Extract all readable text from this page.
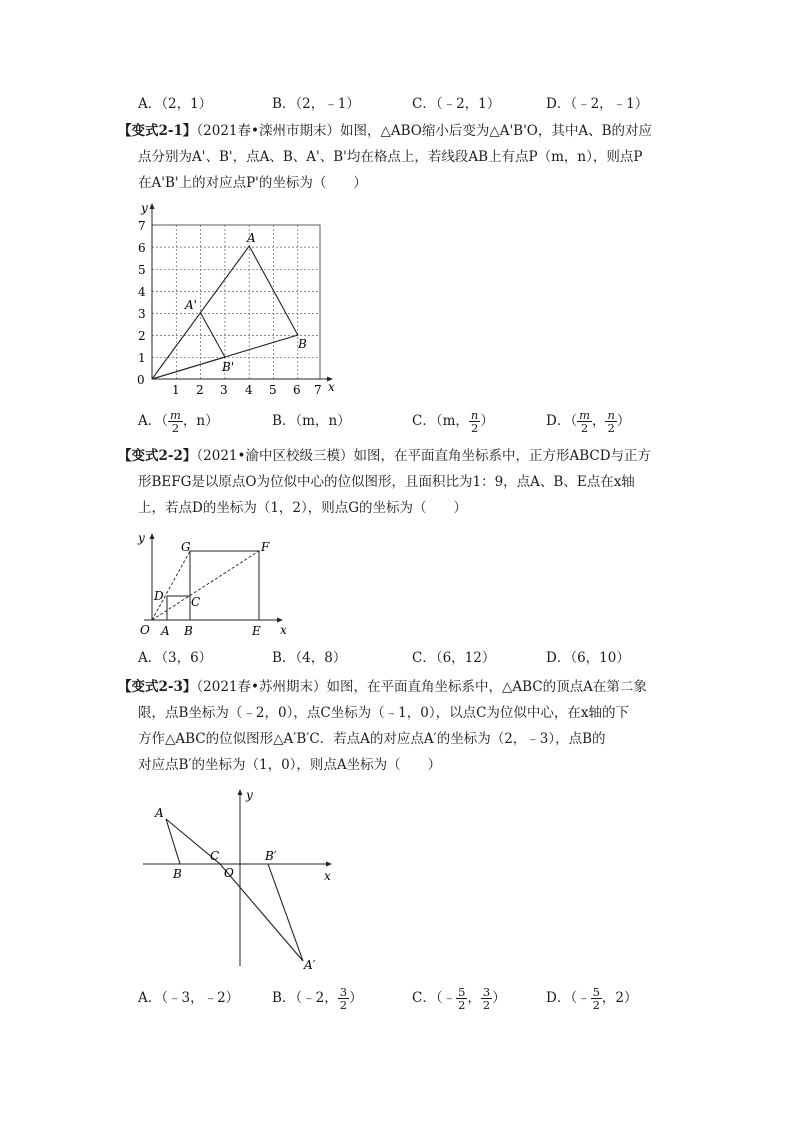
A．（2，1）	B．（2，﹣1）	C．（﹣2，1）	D．（﹣2，﹣1）
【变式2-1】（2021春•滦州市期末）如图，△ABO缩小后变为△A'B'O，其中A、B的对应
点分别为A'、B'，点A、B、A'、B'均在格点上，若线段AB上有点P（m，n），则点P
在A'B'上的对应点P'的坐标为（　　）
y
x
0
1 2 3 4 5 6 7
1
2
3
4
5
6
7
A
B
A'
B'
A．（ $\frac{m}{2}$ ，n）	B．（m，n）	C．（m， $\frac{n}{2}$ ）	D．（ $\frac{m}{2}$ ， $\frac{n}{2}$ ）
【变式2-2】（2021•渝中区校级三模）如图，在平面直角坐标系中，正方形ABCD与正方
形BEFG是以原点O为位似中心的位似图形，且面积比为1：9，点A、B、E点在x轴
上，若点D的坐标为（1，2），则点G的坐标为（　　）
y
x
O A B	E
C
D
G	F
A．（3，6）	B．（4，8）	C．（6，12）	D．（6，10）
【变式2-3】（2021春•苏州期末）如图，在平面直角坐标系中，△ABC的顶点A在第二象
限，点B坐标为（﹣2，0），点C坐标为（﹣1，0），以点C为位似中心，在x轴的下
方作△ABC的位似图形△A′B′C．若点A的对应点A′的坐标为（2，﹣3），点B的
对应点B′的坐标为（1，0），则点A坐标为（　　）
y
x
O
A
B
C	B′
A′
A．（﹣3，﹣2） B．（﹣2， $\frac{3}{2}$ ）	C．（﹣ $\frac{5}{2}$ ， $\frac{3}{2}$ ）	D．（﹣ $\frac{5}{2}$ ，2）
